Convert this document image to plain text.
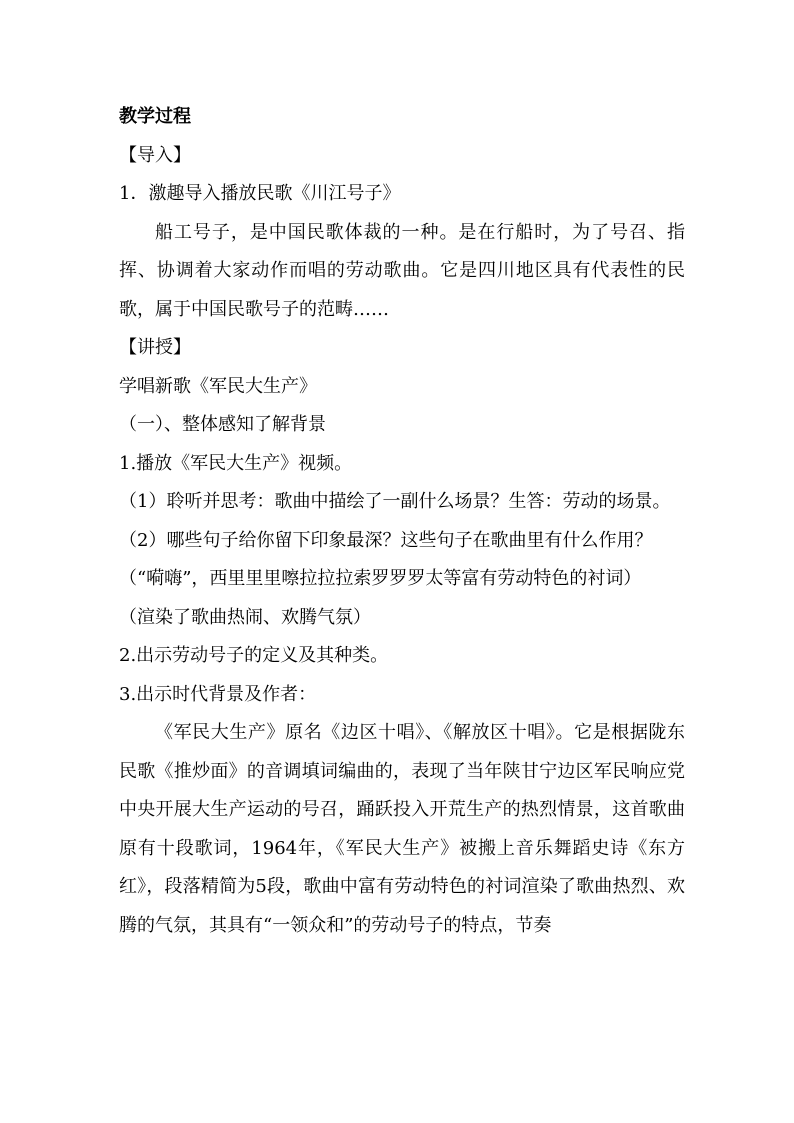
教学过程
【导入】
1．激趣导入播放民歌《川江号子》
船工号子，是中国民歌体裁的一种。是在行船时，为了号召、指挥、协调着大家动作而唱的劳动歌曲。它是四川地区具有代表性的民歌，属于中国民歌号子的范畴……
【讲授】
学唱新歌《军民大生产》
（一）、整体感知了解背景
1.播放《军民大生产》视频。
（1）聆听并思考：歌曲中描绘了一副什么场景？生答：劳动的场景。
（2）哪些句子给你留下印象最深？这些句子在歌曲里有什么作用？
（“嗬嗨”，西里里里嚓拉拉拉索罗罗罗太等富有劳动特色的衬词）
（渲染了歌曲热闹、欢腾气氛）
2.出示劳动号子的定义及其种类。
3.出示时代背景及作者：
《军民大生产》原名《边区十唱》、《解放区十唱》。它是根据陇东民歌《推炒面》的音调填词编曲的，表现了当年陕甘宁边区军民响应党中央开展大生产运动的号召，踊跃投入开荒生产的热烈情景，这首歌曲原有十段歌词，1964年，《军民大生产》被搬上音乐舞蹈史诗《东方红》，段落精简为5段，歌曲中富有劳动特色的衬词渲染了歌曲热烈、欢腾的气氛，其具有“一领众和”的劳动号子的特点，节奏
